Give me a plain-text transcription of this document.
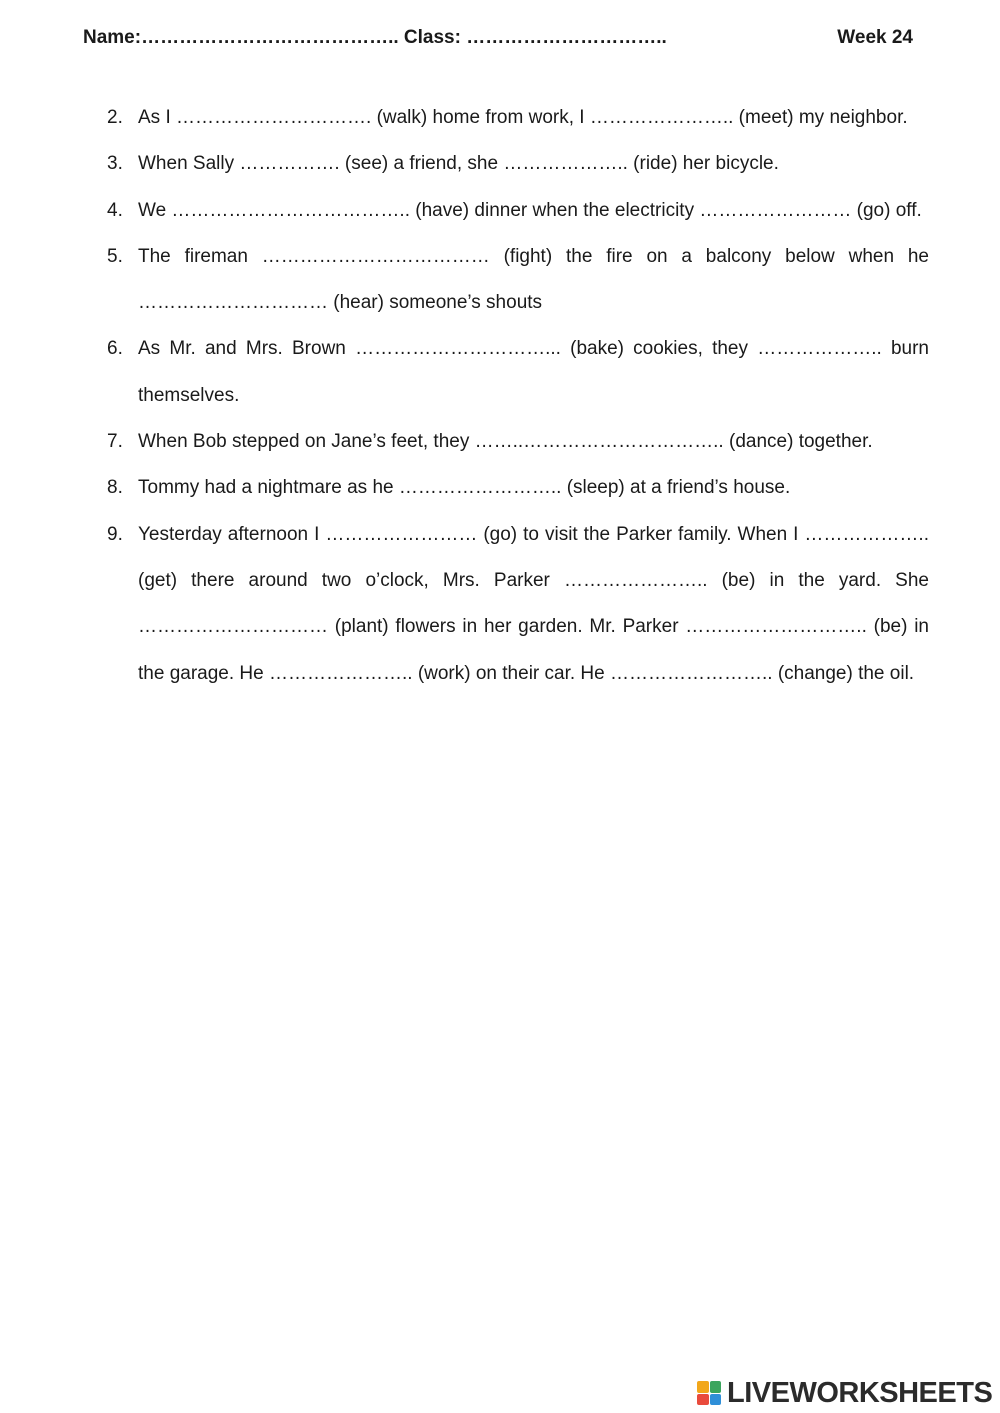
Name:………………………………….. Class: …………………………..	Week 24
2. As I …………………………. (walk) home from work, I ………………….. (meet) my neighbor.
3. When Sally ……………. (see) a friend, she ……………….. (ride) her bicycle.
4. We ……………………………….. (have) dinner when the electricity …………………… (go) off.
5. The fireman ……………………………… (fight) the fire on a balcony below when he ………………………… (hear) someone’s shouts
6. As Mr. and Mrs. Brown …………………………... (bake) cookies, they ……………….. burn themselves.
7. When Bob stepped on Jane’s feet, they ……..………………………….. (dance) together.
8. Tommy had a nightmare as he …………………….. (sleep) at a friend’s house.
9. Yesterday afternoon I …………………… (go) to visit the Parker family. When I ……………….. (get) there around two o’clock, Mrs. Parker ………………….. (be) in the yard. She ………………………… (plant) flowers in her garden. Mr. Parker ……………………….. (be) in the garage. He ………………….. (work) on their car. He …………………….. (change) the oil.
LIVEWORKSHEETS
